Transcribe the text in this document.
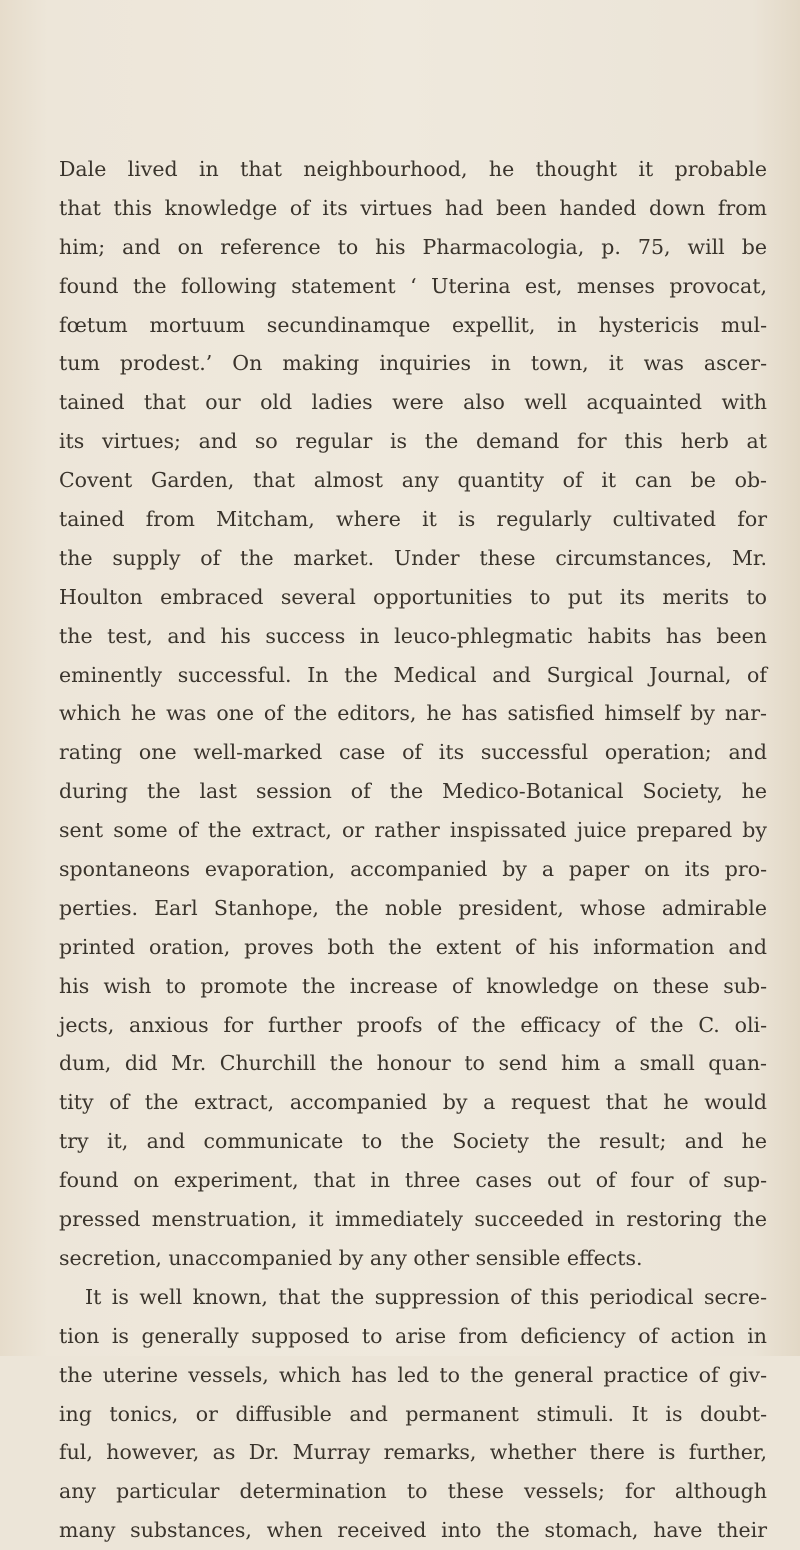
Dale lived in that neighbourhood, he thought it probable
that this knowledge of its virtues had been handed down from
him; and on reference to his Pharmacologia, p. 75, will be
found the following statement ‘ Uterina est, menses provocat,
fœtum mortuum secundinamque expellit, in hystericis mul-
tum prodest.’ On making inquiries in town, it was ascer-
tained that our old ladies were also well acquainted with
its virtues; and so regular is the demand for this herb at
Covent Garden, that almost any quantity of it can be ob-
tained from Mitcham, where it is regularly cultivated for
the supply of the market. Under these circumstances, Mr.
Houlton embraced several opportunities to put its merits to
the test, and his success in leuco-phlegmatic habits has been
eminently successful. In the Medical and Surgical Journal, of
which he was one of the editors, he has satisfied himself by nar-
rating one well-marked case of its successful operation; and
during the last session of the Medico-Botanical Society, he
sent some of the extract, or rather inspissated juice prepared by
spontaneons evaporation, accompanied by a paper on its pro-
perties. Earl Stanhope, the noble president, whose admirable
printed oration, proves both the extent of his information and
his wish to promote the increase of knowledge on these sub-
jects, anxious for further proofs of the efficacy of the C. oli-
dum, did Mr. Churchill the honour to send him a small quan-
tity of the extract, accompanied by a request that he would
try it, and communicate to the Society the result; and he
found on experiment, that in three cases out of four of sup-
pressed menstruation, it immediately succeeded in restoring the
secretion, unaccompanied by any other sensible effects.
It is well known, that the suppression of this periodical secre-
tion is generally supposed to arise from deficiency of action in
the uterine vessels, which has led to the general practice of giv-
ing tonics, or diffusible and permanent stimuli. It is doubt-
ful, however, as Dr. Murray remarks, whether there is further,
any particular determination to these vessels; for although
many substances, when received into the stomach, have their
